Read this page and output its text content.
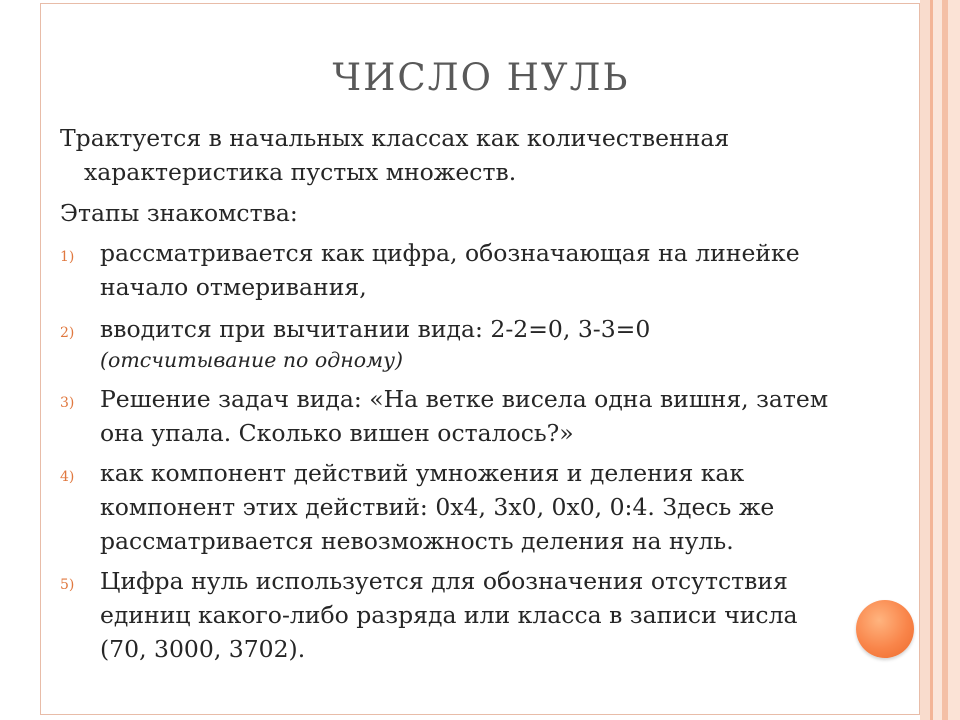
ЧИСЛО НУЛЬ
Трактуется в начальных классах как количественная
характеристика пустых множеств.
Этапы знакомства:
1) рассматривается как цифра, обозначающая на линейке начало отмеривания,
2) вводится при вычитании вида: 2-2=0, 3-3=0
(отсчитывание по одному)
3) Решение задач вида: «На ветке висела одна вишня, затем она упала. Сколько вишен осталось?»
4) как компонент действий умножения и деления как компонент этих действий: 0х4, 3х0, 0х0, 0:4. Здесь же рассматривается невозможность деления на нуль.
5) Цифра нуль используется для обозначения отсутствия единиц какого-либо разряда или класса в записи числа (70, 3000, 3702).
